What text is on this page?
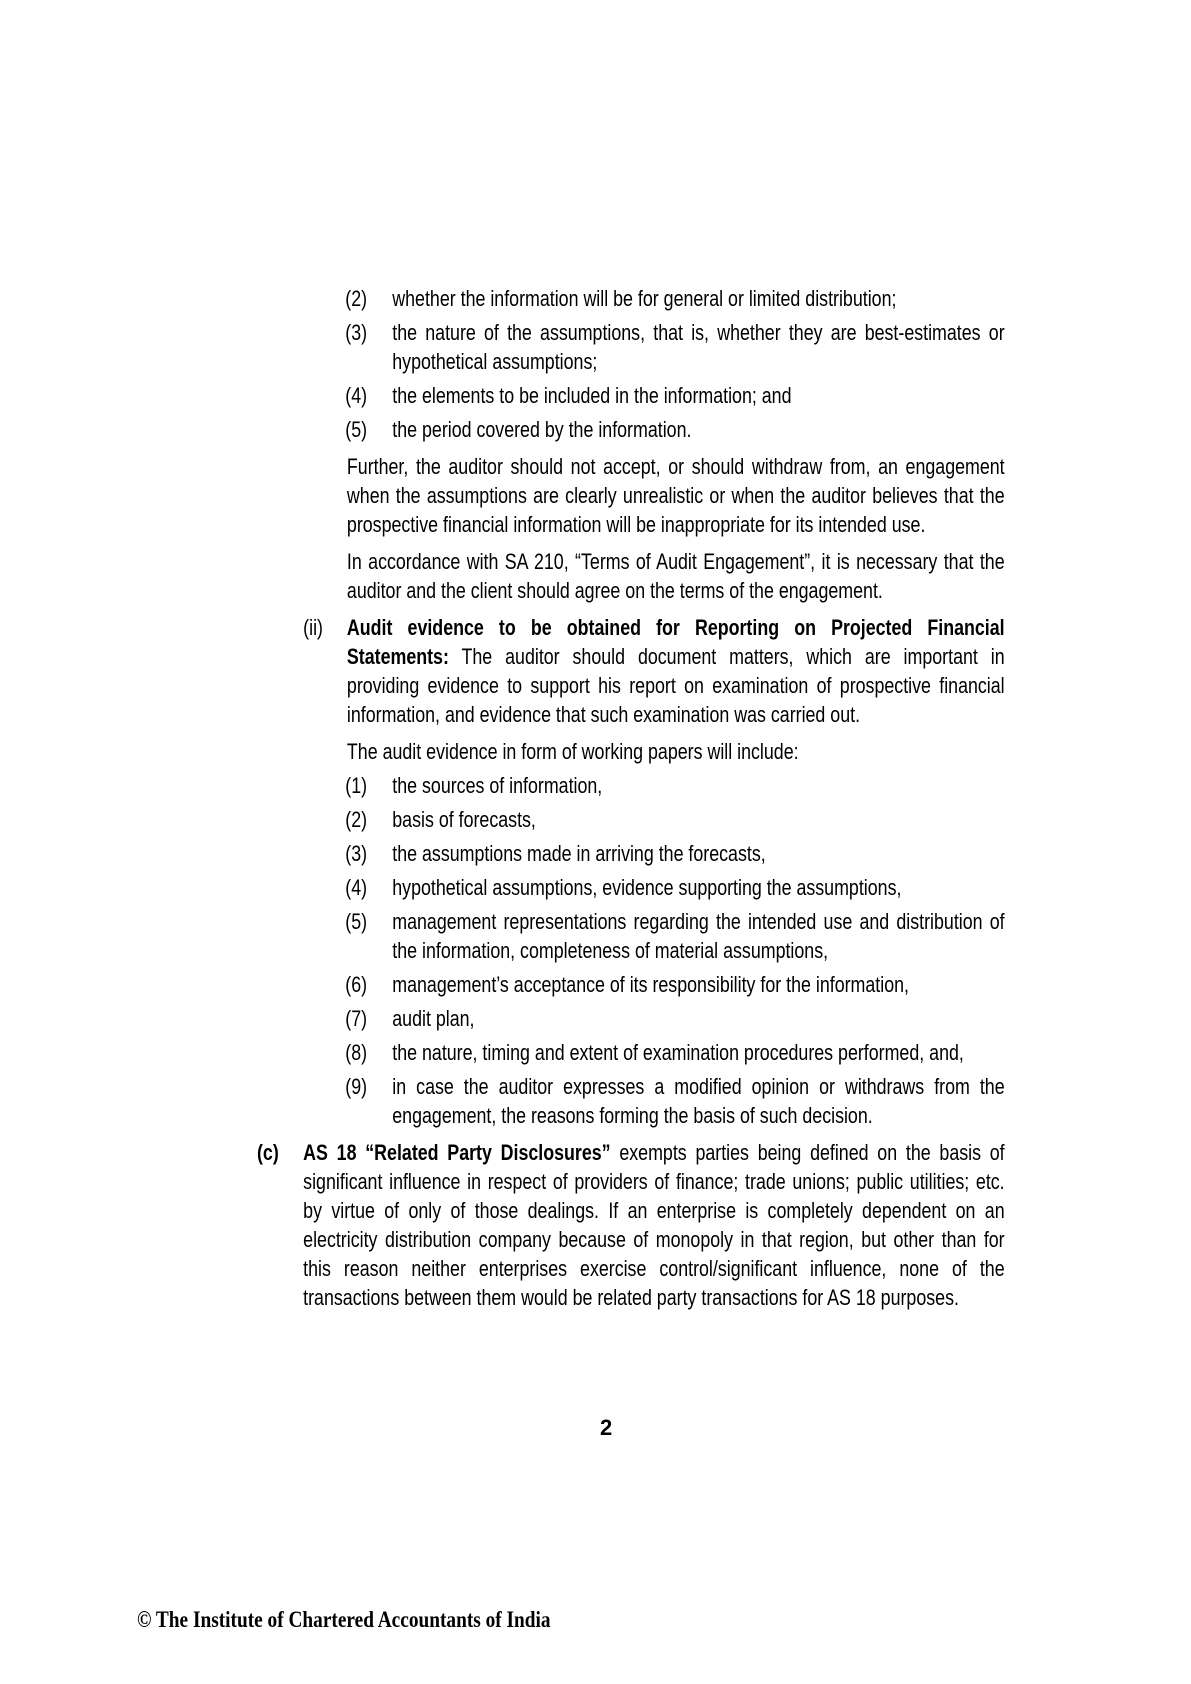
(2)	whether the information will be for general or limited distribution;
(3)	the nature of the assumptions, that is, whether they are best-estimates or hypothetical assumptions;
(4)	the elements to be included in the information; and
(5)	the period covered by the information.
Further, the auditor should not accept, or should withdraw from, an engagement when the assumptions are clearly unrealistic or when the auditor believes that the prospective financial information will be inappropriate for its intended use.
In accordance with SA 210, “Terms of Audit Engagement”, it is necessary that the auditor and the client should agree on the terms of the engagement.
(ii)	Audit evidence to be obtained for Reporting on Projected Financial Statements: The auditor should document matters, which are important in providing evidence to support his report on examination of prospective financial information, and evidence that such examination was carried out.
The audit evidence in form of working papers will include:
(1)	the sources of information,
(2)	basis of forecasts,
(3)	the assumptions made in arriving the forecasts,
(4)	hypothetical assumptions, evidence supporting the assumptions,
(5)	management representations regarding the intended use and distribution of the information, completeness of material assumptions,
(6)	management’s acceptance of its responsibility for the information,
(7)	audit plan,
(8)	the nature, timing and extent of examination procedures performed, and,
(9)	in case the auditor expresses a modified opinion or withdraws from the engagement, the reasons forming the basis of such decision.
(c)	AS 18 “Related Party Disclosures” exempts parties being defined on the basis of significant influence in respect of providers of finance; trade unions; public utilities; etc. by virtue of only of those dealings. If an enterprise is completely dependent on an electricity distribution company because of monopoly in that region, but other than for this reason neither enterprises exercise control/significant influence, none of the transactions between them would be related party transactions for AS 18 purposes.
2
© The Institute of Chartered Accountants of India
